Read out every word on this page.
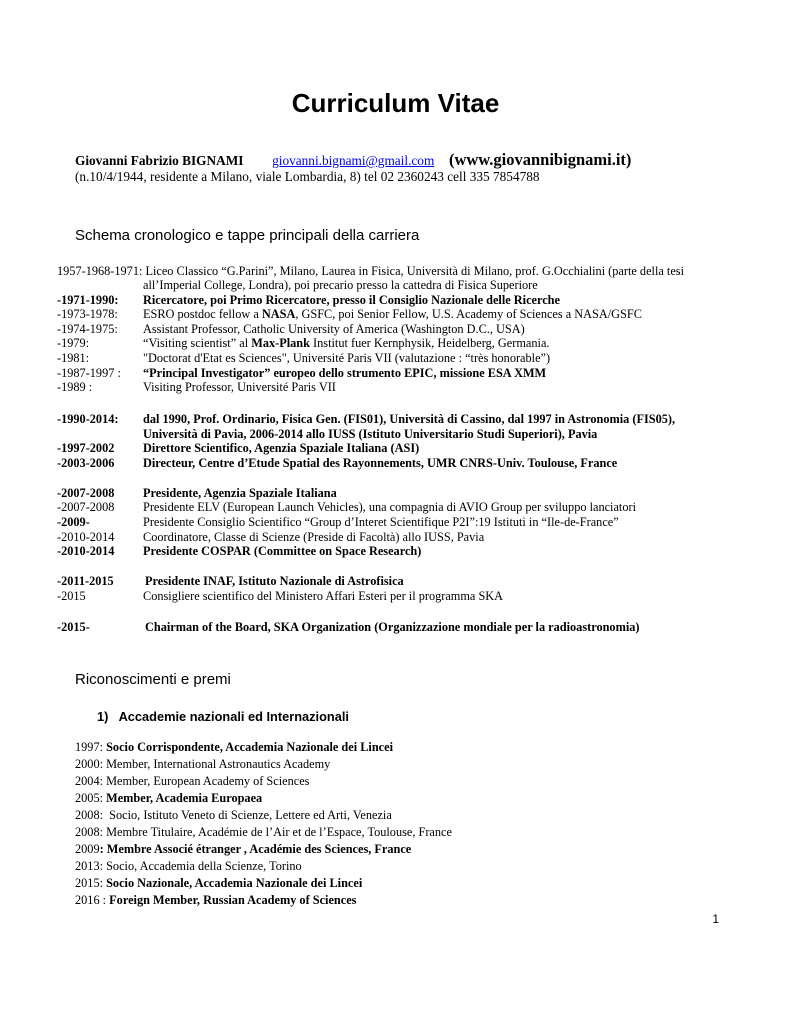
Curriculum Vitae
Giovanni Fabrizio BIGNAMI giovanni.bignami@gmail.com (www.giovannibignami.it)
(n.10/4/1944, residente a Milano, viale Lombardia, 8) tel 02 2360243 cell 335 7854788
Schema cronologico e tappe principali della carriera
1957-1968-1971: Liceo Classico “G.Parini”, Milano, Laurea in Fisica, Università di Milano, prof. G.Occhialini (parte della tesi
all’Imperial College, Londra), poi precario presso la cattedra di Fisica Superiore
-1971-1990: Ricercatore, poi Primo Ricercatore, presso il Consiglio Nazionale delle Ricerche
-1973-1978: ESRO postdoc fellow a NASA, GSFC, poi Senior Fellow, U.S. Academy of Sciences a NASA/GSFC
-1974-1975: Assistant Professor, Catholic University of America (Washington D.C., USA)
-1979:	“Visiting scientist” al Max-Plank Institut fuer Kernphysik, Heidelberg, Germania.
-1981:	"Doctorat d'Etat es Sciences", Université Paris VII (valutazione : “très honorable”)
-1987-1997 : “Principal Investigator” europeo dello strumento EPIC, missione ESA XMM
-1989 :	Visiting Professor, Université Paris VII
-1990-2014: dal 1990, Prof. Ordinario, Fisica Gen. (FIS01), Università di Cassino, dal 1997 in Astronomia (FIS05),
Università di Pavia, 2006-2014 allo IUSS (Istituto Universitario Studi Superiori), Pavia
-1997-2002 Direttore Scientifico, Agenzia Spaziale Italiana (ASI)
-2003-2006 Directeur, Centre d’Etude Spatial des Rayonnements, UMR CNRS-Univ. Toulouse, France
-2007-2008 Presidente, Agenzia Spaziale Italiana
-2007-2008 Presidente ELV (European Launch Vehicles), una compagnia di AVIO Group per sviluppo lanciatori
-2009-	Presidente Consiglio Scientifico “Group d’Interet Scientifique P2I”:19 Istituti in “Ile-de-France”
-2010-2014 Coordinatore, Classe di Scienze (Preside di Facoltà) allo IUSS, Pavia
-2010-2014 Presidente COSPAR (Committee on Space Research)
-2011-2015	Presidente INAF, Istituto Nazionale di Astrofisica
-2015	Consigliere scientifico del Ministero Affari Esteri per il programma SKA
-2015-	Chairman of the Board, SKA Organization (Organizzazione mondiale per la radioastronomia)
Riconoscimenti e premi
1)   Accademie nazionali ed Internazionali
1997: Socio Corrispondente, Accademia Nazionale dei Lincei
2000: Member, International Astronautics Academy
2004: Member, European Academy of Sciences
2005: Member, Academia Europaea
2008:  Socio, Istituto Veneto di Scienze, Lettere ed Arti, Venezia
2008: Membre Titulaire, Académie de l’Air et de l’Espace, Toulouse, France
2009: Membre Associé étranger , Académie des Sciences, France
2013: Socio, Accademia della Scienze, Torino
2015: Socio Nazionale, Accademia Nazionale dei Lincei
2016 : Foreign Member, Russian Academy of Sciences
1
